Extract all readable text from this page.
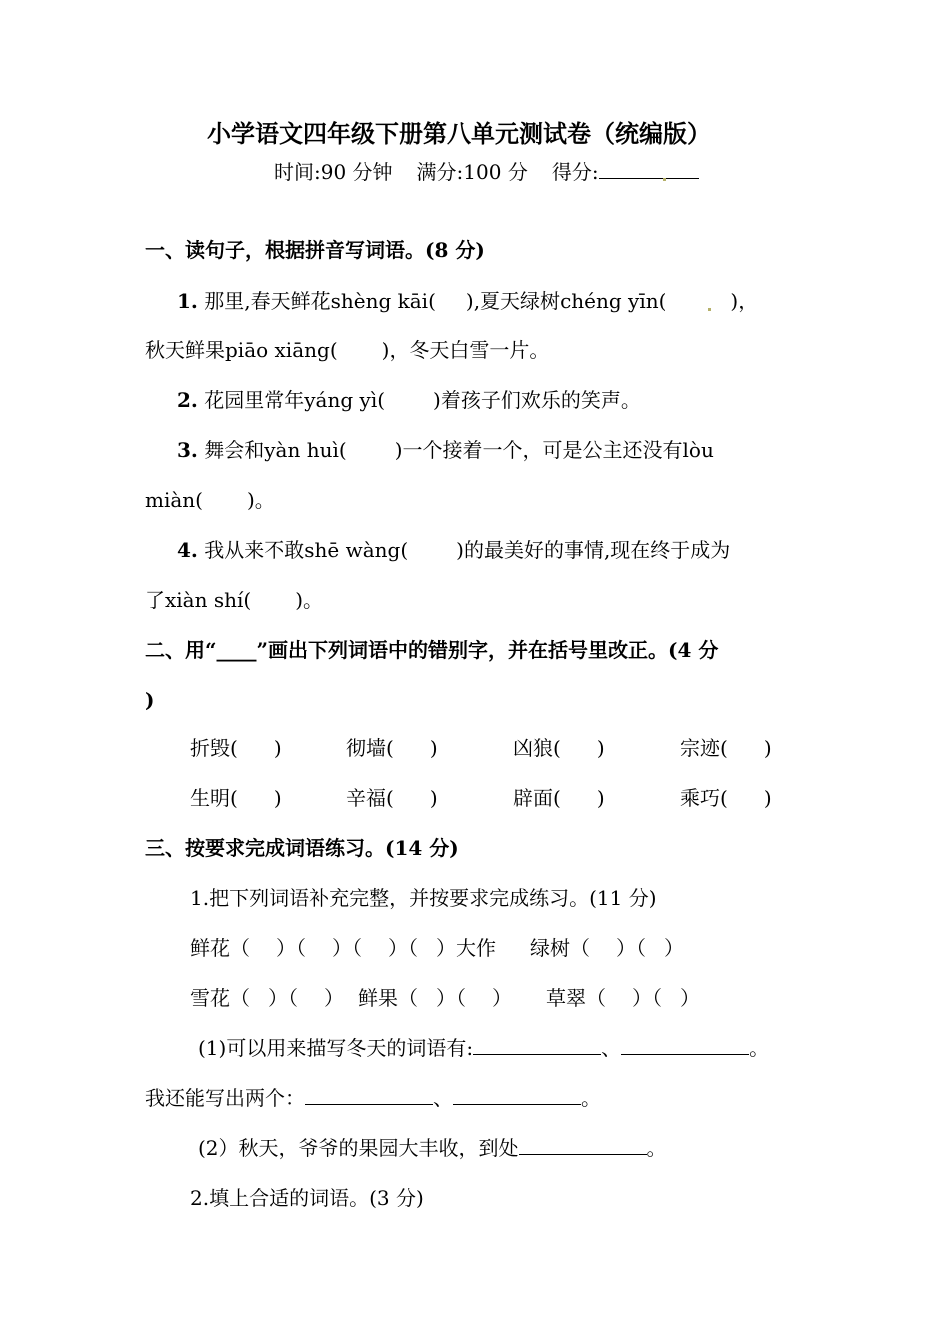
小学语文四年级下册第八单元测试卷（统编版）
时间:90 分钟 满分:100 分 得分:
一、读句子，根据拼音写词语。(8 分)
1. 那里,春天鲜花shèng kāi( ),夏天绿树chéng yīn(	)，
秋天鲜果piāo xiāng( )，冬天白雪一片。
2. 花园里常年yáng yì( )着孩子们欢乐的笑声。
3. 舞会和yàn huì( )一个接着一个，可是公主还没有lòu
miàn( )。
4. 我从来不敢shē wàng( )的最美好的事情,现在终于成为
了xiàn shí( )。
二、用“____”画出下列词语中的错别字，并在括号里改正。(4 分
)
折毁( )	彻墙( )	凶狼( )	宗迹( )
生明( )	辛福( )	辟面( )	乘巧( )
三、按要求完成词语练习。(14 分)
1.把下列词语补充完整，并按要求完成练习。(11 分)
鲜花（ ）（ ）（ ）（ ）大作 绿树（ ）（ ）
雪花（ ）（ ） 鲜果（ ）（ ） 草翠（ ）（ ）
(1)可以用来描写冬天的词语有:	、	。
我还能写出两个：	、	。
(2）秋天，爷爷的果园大丰收，到处	。
2.填上合适的词语。(3 分)
